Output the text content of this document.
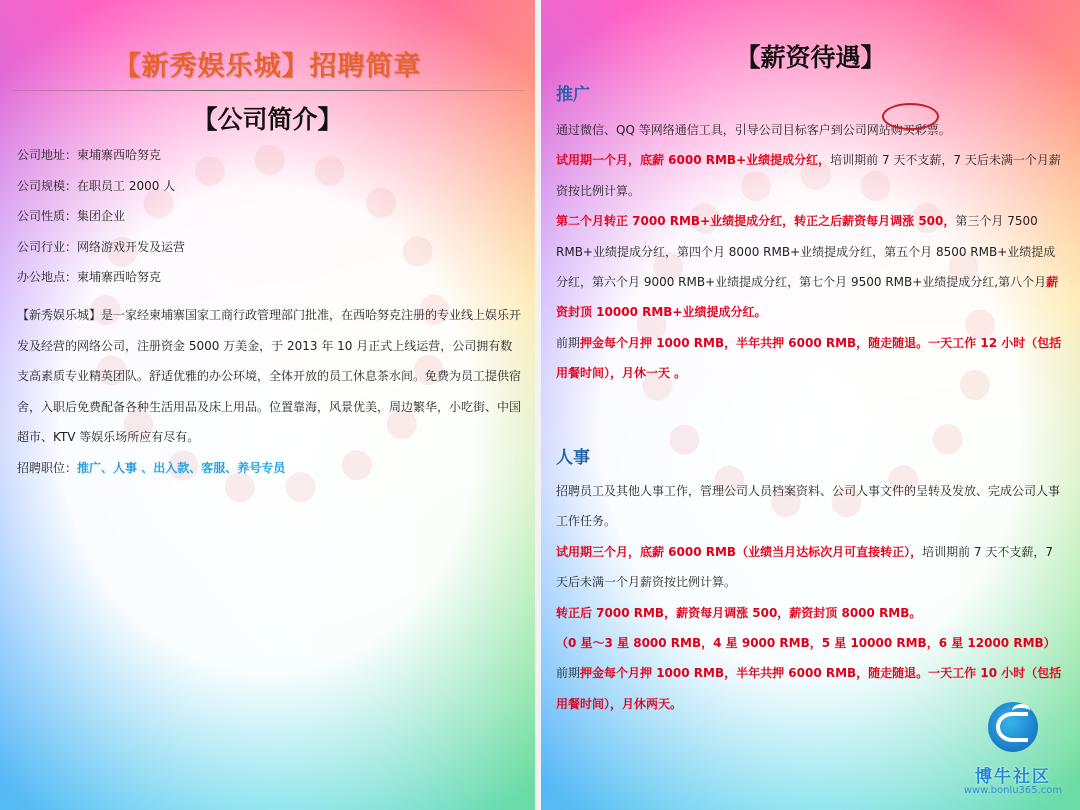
【新秀娱乐城】招聘简章
【公司简介】
公司地址 ： 柬埔寨西哈努克
公司规模 ： 在职员工 2000 人
公司性质 ： 集团企业
公司行业 ： 网络游戏开发及运营
办公地点 ： 柬埔寨西哈努克
【新秀娱乐城】是一家经柬埔寨国家工商行政管理部门批准，在西哈努克注册的专业线上娱乐开发及经营的网络公司，注册资金 5000 万美金，于 2013 年 10 月正式上线运营，公司拥有数支高素质专业精英团队。舒适优雅的办公环境，全体开放的员工休息茶水间。免费为员工提供宿舍，入职后免费配备各种生活用品及床上用品。位置靠海，风景优美，周边繁华，小吃街、中国超市、KTV 等娱乐场所应有尽有。
招聘职位：推广、人事 、出入款、客服、养号专员
【薪资待遇】
推广
通过微信、QQ 等网络通信工具，引导公司目标客户到公司网站购买彩票。
试用期一个月，底薪 6000 RMB+业绩提成分红，培训期前 7 天不支薪，7 天后未满一个月薪资按比例计算。
第二个月转正 7000 RMB+业绩提成分红，转正之后薪资每月调涨 500，第三个月 7500 RMB+业绩提成分红，第四个月 8000 RMB+业绩提成分红，第五个月 8500 RMB+业绩提成分红，第六个月 9000 RMB+业绩提成分红，第七个月 9500 RMB+业绩提成分红,第八个月薪资封顶 10000 RMB+业绩提成分红。
前期押金每个月押 1000 RMB，半年共押 6000 RMB，随走随退。一天工作 12 小时（包括用餐时间），月休一天 。
人事
招聘员工及其他人事工作，管理公司人员档案资料、公司人事文件的呈转及发放、完成公司人事工作任务。
试用期三个月，底薪 6000 RMB（业绩当月达标次月可直接转正），培训期前 7 天不支薪，7 天后未满一个月薪资按比例计算。
转正后 7000 RMB，薪资每月调涨 500，薪资封顶 8000 RMB。
（0 星～3 星 8000 RMB，4 星 9000 RMB，5 星 10000 RMB，6 星 12000 RMB）
前期押金每个月押 1000 RMB，半年共押 6000 RMB，随走随退。一天工作 10 小时（包括用餐时间），月休两天。
博牛社区
www.bonlu365.com
